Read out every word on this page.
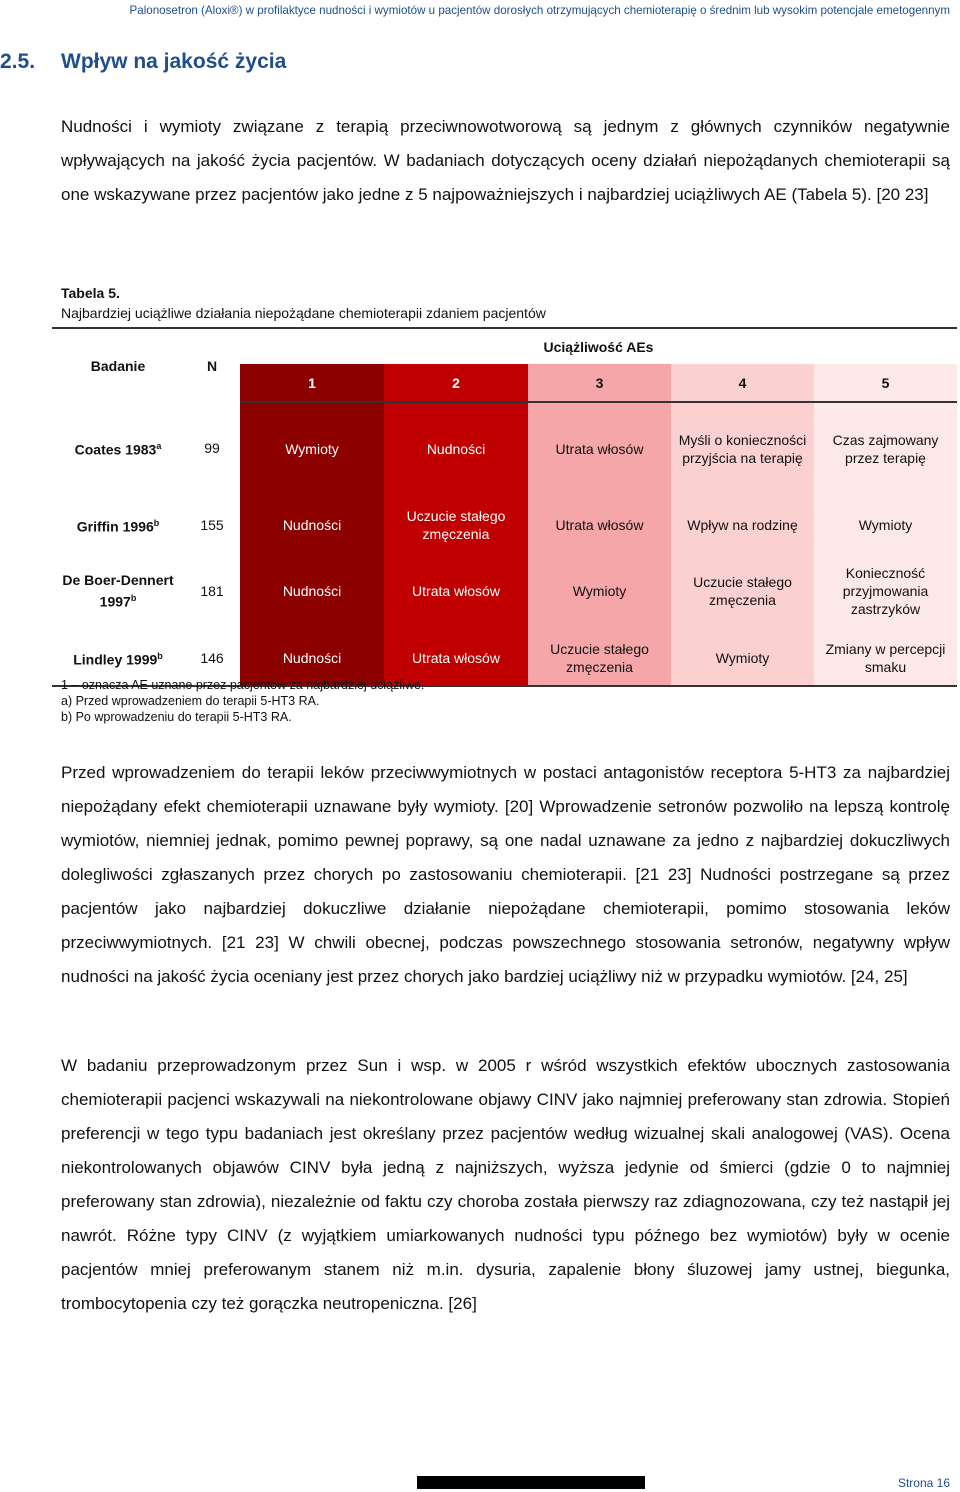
Palonosetron (Aloxi®) w profilaktyce nudności i wymiotów u pacjentów dorosłych otrzymujących chemioterapię o średnim lub wysokim potencjale emetogennym
2.5. Wpływ na jakość życia
Nudności i wymioty związane z terapią przeciwnowotworową są jednym z głównych czynników negatywnie wpływających na jakość życia pacjentów. W badaniach dotyczących oceny działań niepożądanych chemioterapii są one wskazywane przez pacjentów jako jedne z 5 najpoważniejszych i najbardziej uciążliwych AE (Tabela 5). [20 23]
Tabela 5.
Najbardziej uciążliwe działania niepożądane chemioterapii zdaniem pacjentów
Badanie	N	Uciążliwość AEs				
		1	2	3	4	5
Coates 1983$^a$	99	Wymioty	Nudności	Utrata włosów	Myśli o konieczności przyjścia na terapię	Czas zajmowany przez terapię

Griffin 1996$^b$	155	Nudności	Uczucie stałego zmęczenia	Utrata włosów	Wpływ na rodzinę	Wymioty

De Boer-Dennert 1997$^b$	181	Nudności	Utrata włosów	Wymioty	Uczucie stałego zmęczenia	Konieczność przyjmowania zastrzyków

Lindley 1999$^b$	146	Nudności	Utrata włosów	Uczucie stałego zmęczenia	Wymioty	Zmiany w percepcji smaku
1 – oznacza AE uznane przez pacjentów za najbardziej uciążliwe.
a) Przed wprowadzeniem do terapii 5-HT3 RA.
b) Po wprowadzeniu do terapii 5-HT3 RA.
Przed wprowadzeniem do terapii leków przeciwwymiotnych w postaci antagonistów receptora 5-HT3 za najbardziej niepożądany efekt chemioterapii uznawane były wymioty. [20] Wprowadzenie setronów pozwoliło na lepszą kontrolę wymiotów, niemniej jednak, pomimo pewnej poprawy, są one nadal uznawane za jedno z najbardziej dokuczliwych dolegliwości zgłaszanych przez chorych po zastosowaniu chemioterapii. [21 23] Nudności postrzegane są przez pacjentów jako najbardziej dokuczliwe działanie niepożądane chemioterapii, pomimo stosowania leków przeciwwymiotnych. [21 23] W chwili obecnej, podczas powszechnego stosowania setronów, negatywny wpływ nudności na jakość życia oceniany jest przez chorych jako bardziej uciążliwy niż w przypadku wymiotów. [24, 25]
W badaniu przeprowadzonym przez Sun i wsp. w 2005 r wśród wszystkich efektów ubocznych zastosowania chemioterapii pacjenci wskazywali na niekontrolowane objawy CINV jako najmniej preferowany stan zdrowia. Stopień preferencji w tego typu badaniach jest określany przez pacjentów według wizualnej skali analogowej (VAS). Ocena niekontrolowanych objawów CINV była jedną z najniższych, wyższa jedynie od śmierci (gdzie 0 to najmniej preferowany stan zdrowia), niezależnie od faktu czy choroba została pierwszy raz zdiagnozowana, czy też nastąpił jej nawrót. Różne typy CINV (z wyjątkiem umiarkowanych nudności typu późnego bez wymiotów) były w ocenie pacjentów mniej preferowanym stanem niż m.in. dysuria, zapalenie błony śluzowej jamy ustnej, biegunka, trombocytopenia czy też gorączka neutropeniczna. [26]
Strona 16
